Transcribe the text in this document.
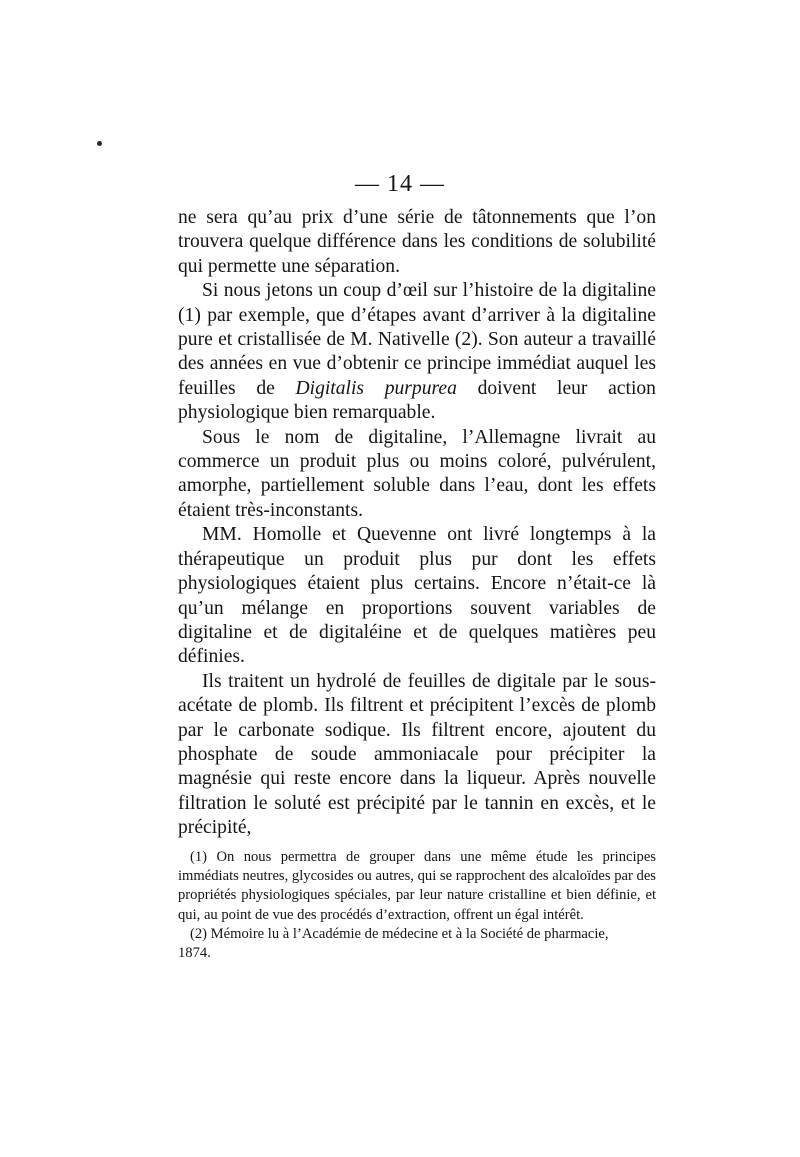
— 14 —

ne sera qu’au prix d’une série de tâtonnements que l’on trouvera quelque différence dans les conditions de solubilité qui permette une séparation.

Si nous jetons un coup d’œil sur l’histoire de la digitaline (1) par exemple, que d’étapes avant d’arriver à la digitaline pure et cristallisée de M. Nativelle (2). Son auteur a travaillé des années en vue d’obtenir ce principe immédiat auquel les feuilles de Digitalis purpurea doivent leur action physiologique bien remarquable.

Sous le nom de digitaline, l’Allemagne livrait au commerce un produit plus ou moins coloré, pulvérulent, amorphe, partiellement soluble dans l’eau, dont les effets étaient très-inconstants.

MM. Homolle et Quevenne ont livré longtemps à la thérapeutique un produit plus pur dont les effets physiologiques étaient plus certains. Encore n’était-ce là qu’un mélange en proportions souvent variables de digitaline et de digitaléine et de quelques matières peu définies.

Ils traitent un hydrolé de feuilles de digitale par le sous-acétate de plomb. Ils filtrent et précipitent l’excès de plomb par le carbonate sodique. Ils filtrent encore, ajoutent du phosphate de soude ammoniacale pour précipiter la magnésie qui reste encore dans la liqueur. Après nouvelle filtration le soluté est précipité par le tannin en excès, et le précipité,

(1) On nous permettra de grouper dans une même étude les principes immédiats neutres, glycosides ou autres, qui se rapprochent des alcaloïdes par des propriétés physiologiques spéciales, par leur nature cristalline et bien définie, et qui, au point de vue des procédés d’extraction, offrent un égal intérêt.

(2) Mémoire lu à l’Académie de médecine et à la Société de pharmacie,
1874.
